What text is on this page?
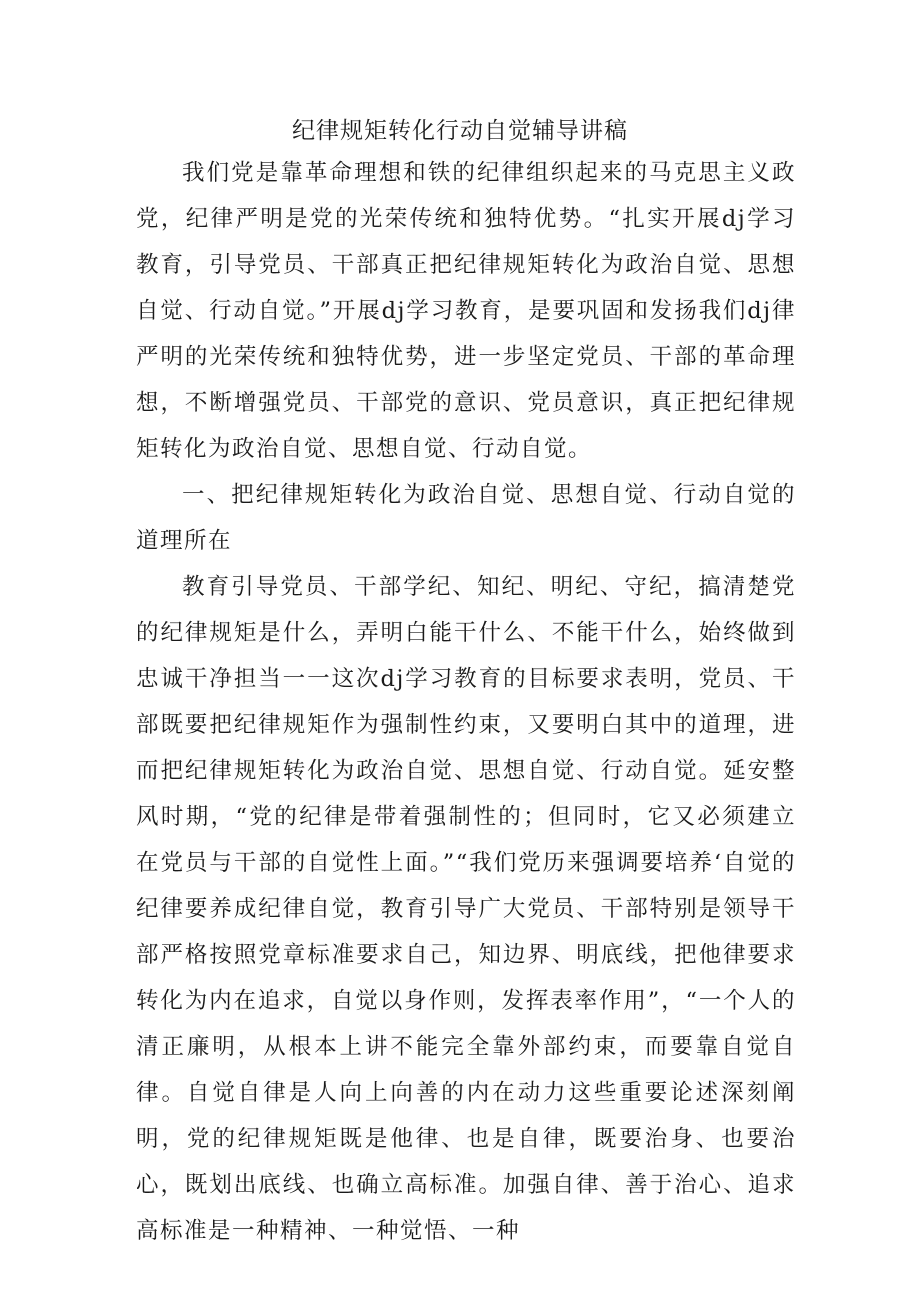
纪律规矩转化行动自觉辅导讲稿

我们党是靠革命理想和铁的纪律组织起来的马克思主义政党，纪律严明是党的光荣传统和独特优势。“扎实开展dj学习教育，引导党员、干部真正把纪律规矩转化为政治自觉、思想自觉、行动自觉。”开展dj学习教育，是要巩固和发扬我们dj律严明的光荣传统和独特优势，进一步坚定党员、干部的革命理想，不断增强党员、干部党的意识、党员意识，真正把纪律规矩转化为政治自觉、思想自觉、行动自觉。

一、把纪律规矩转化为政治自觉、思想自觉、行动自觉的道理所在

教育引导党员、干部学纪、知纪、明纪、守纪，搞清楚党的纪律规矩是什么，弄明白能干什么、不能干什么，始终做到忠诚干净担当一一这次dj学习教育的目标要求表明，党员、干部既要把纪律规矩作为强制性约束，又要明白其中的道理，进而把纪律规矩转化为政治自觉、思想自觉、行动自觉。延安整风时期，“党的纪律是带着强制性的；但同时，它又必须建立在党员与干部的自觉性上面。”“我们党历来强调要培养‘自觉的纪律要养成纪律自觉，教育引导广大党员、干部特别是领导干部严格按照党章标准要求自己，知边界、明底线，把他律要求转化为内在追求，自觉以身作则，发挥表率作用”，“一个人的清正廉明，从根本上讲不能完全靠外部约束，而要靠自觉自律。自觉自律是人向上向善的内在动力这些重要论述深刻阐明，党的纪律规矩既是他律、也是自律，既要治身、也要治心，既划出底线、也确立高标准。加强自律、善于治心、追求高标准是一种精神、一种觉悟、一种
